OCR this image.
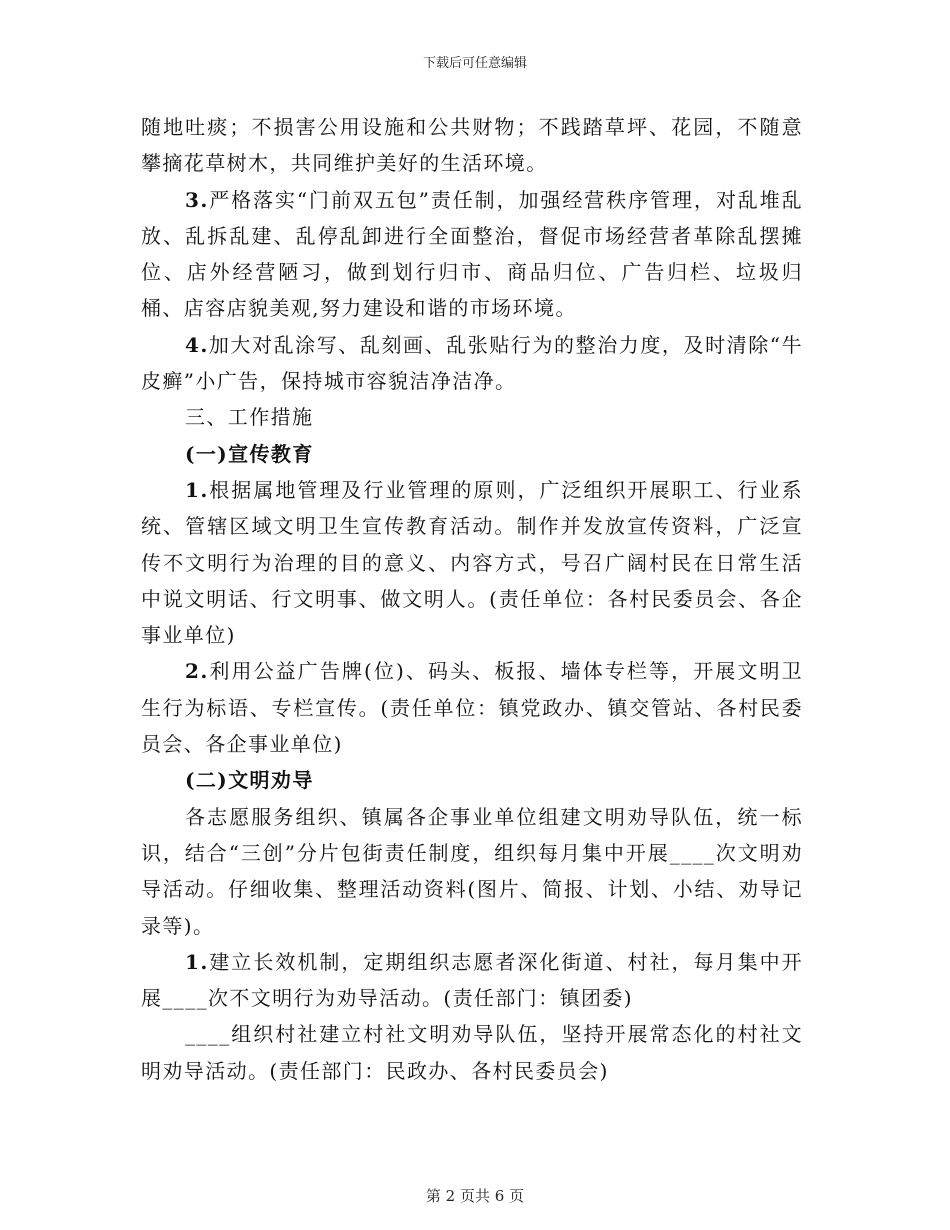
下载后可任意编辑

随地吐痰；不损害公用设施和公共财物；不践踏草坪、花园，不随意攀摘花草树木，共同维护美好的生活环境。

3.严格落实“门前双五包”责任制，加强经营秩序管理，对乱堆乱放、乱拆乱建、乱停乱卸进行全面整治，督促市场经营者革除乱摆摊位、店外经营陋习，做到划行归市、商品归位、广告归栏、垃圾归桶、店容店貌美观,努力建设和谐的市场环境。

4.加大对乱涂写、乱刻画、乱张贴行为的整治力度，及时清除“牛皮癣”小广告，保持城市容貌洁净洁净。

三、工作措施

(一)宣传教育

1.根据属地管理及行业管理的原则，广泛组织开展职工、行业系统、管辖区域文明卫生宣传教育活动。制作并发放宣传资料，广泛宣传不文明行为治理的目的意义、内容方式，号召广阔村民在日常生活中说文明话、行文明事、做文明人。(责任单位：各村民委员会、各企事业单位)

2.利用公益广告牌(位)、码头、板报、墙体专栏等，开展文明卫生行为标语、专栏宣传。(责任单位：镇党政办、镇交管站、各村民委员会、各企事业单位)

(二)文明劝导

各志愿服务组织、镇属各企事业单位组建文明劝导队伍，统一标识，结合“三创”分片包街责任制度，组织每月集中开展____次文明劝导活动。仔细收集、整理活动资料(图片、简报、计划、小结、劝导记录等)。

1.建立长效机制，定期组织志愿者深化街道、村社，每月集中开展____次不文明行为劝导活动。(责任部门：镇团委)

____组织村社建立村社文明劝导队伍，坚持开展常态化的村社文明劝导活动。(责任部门：民政办、各村民委员会)

第 2 页共 6 页
